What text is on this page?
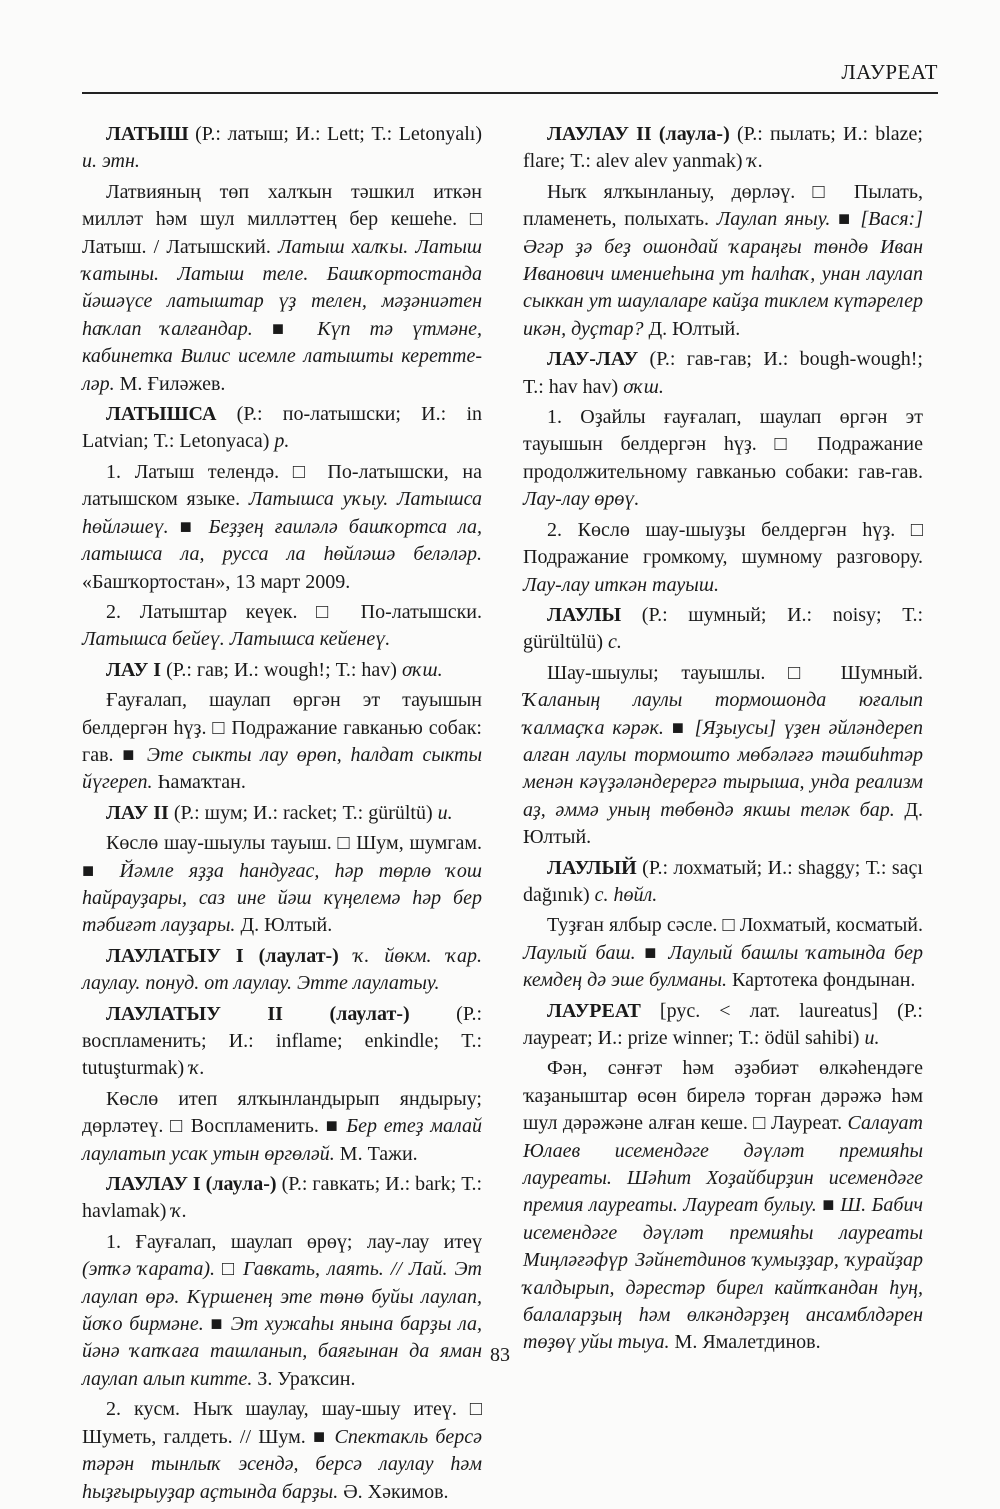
ЛАУРЕАТ

ЛАТЫШ (Р.: латыш; И.: Lett; Т.: Letonyalı) и. этн.

Латвияның төп халҡын тәшкил иткән милләт һәм шул милләттең бер кешеһе. □ Латыш. / Латышский. Латыш халҡы. Латыш ҡатыны. Латыш теле. Башҡортостанда йәшәүсе латыштар үҙ телен, мәҙәниәтен һаҡлап ҡалғандар. ■ Күп тә үтмәне, кабинетка Вилис исемле латышты кереттеләр. М. Ғиләжев.

ЛАТЫШСА (Р.: по-латышски; И.: in Latvian; Т.: Letonyaca) р.

1. Латыш телендә. □ По-латышски, на латышском языке. Латышса уҡыу. Латышса һөйләшеү. ■ Беҙҙең ғаиләлә башҡортса ла, латышса ла, русса ла һөйләшә беләләр. «Башҡортостан», 13 март 2009.

2. Латыштар кеүек. □ По-латышски. Латышса бейеү. Латышса кейенеү.

ЛАУ I (Р.: гав; И.: wough!; Т.: hav) оҡш.

Ғауғалап, шаулап өргән эт тауышын белдергән һүҙ. □ Подражание гавканью собак: гав. ■ Эте сыкты лау өрөп, һалдат сыкты йүгереп. Һамаҡтан.

ЛАУ II (Р.: шум; И.: racket; Т.: gürültü) и.

Көслө шау-шыулы тауыш. □ Шум, шумгам. ■ Йәмле яҙҙа һандуғас, һәр төрлө ҡош һайрауҙары, саз ине йәш күңелемә һәр бер тәбиғәт лауҙары. Д. Юлтый.

ЛАУЛАТЫУ I (лаулат-) ҡ. йөкм. ҡар. лаулау. понуд. от лаулау. Этте лаулатыу.

ЛАУЛАТЫУ II (лаулат-) (Р.: воспламенить; И.: inflame; enkindle; Т.: tutuşturmak) ҡ.

Көслө итеп ялҡынландырып яндырыу; дөрләтеү. □ Воспламенить. ■ Бер етеҙ малай лаулатып усак утын өргөләй. М. Тажи.

ЛАУЛАУ I (лаула-) (Р.: гавкать; И.: bark; Т.: havlamak) ҡ.

1. Ғауғалап, шаулап өрөү; лау-лау итеү (этҡә ҡарата). □ Гавкать, лаять. // Лай. Эт лаулап өрә. Күршенең эте төнө буйы лаулап, йоҡо бирмәне. ■ Эт хужаһы янына барҙы ла, йәнә ҡапҡаға ташланып, баяғынан да яман лаулап алып китте. З. Ураҡсин.

2. кусм. Ныҡ шаулау, шау-шыу итеү. □ Шуметь, галдеть. // Шум. ■ Спектакль берсә тәрән тынлыҡ эсендә, берсә лаулау һәм һыҙғырыуҙар аҫтында барҙы. Ә. Хәкимов.

ЛАУЛАУ II (лаула-) (Р.: пылать; И.: blaze; flare; Т.: alev alev yanmak) ҡ.

Ныҡ ялҡынланыу, дөрләү. □ Пылать, пламенеть, полыхать. Лаулап яныу. ■ [Вася:] Әгәр ҙә беҙ ошондай ҡараңғы төндө Иван Иванович имениеһына ут һалһаҡ, унан лаулап сыккан ут шаулаларе кайҙа тиклем күтәрелер икән, дуҫтар? Д. Юлтый.

ЛАУ-ЛАУ (Р.: гав-гав; И.: bough-wough!; Т.: hav hav) оҡш.

1. Оҙайлы ғауғалап, шаулап өргән эт тауышын белдергән һүҙ. □ Подражание продолжительному гавканью собаки: гав-гав. Лау-лау өрөү.

2. Көслө шау-шыуҙы белдергән һүҙ. □ Подражание громкому, шумному разговору. Лау-лау иткән тауыш.

ЛАУЛЫ (Р.: шумный; И.: noisy; Т.: gürültülü) с.

Шау-шыулы; тауышлы. □ Шумный. Ҡаланың лаулы тормошонда юғалып ҡалмаҫҡа кәрәк. ■ [Яҙыусы] үҙен әйләндереп алған лаулы тормошто мөбәләғә тәшбиһтәр менән кәүҙәләндерергә тырыша, унда реализм аҙ, әммә уның төбөндә якшы теләк бар. Д. Юлтый.

ЛАУЛЫЙ (Р.: лохматый; И.: shaggy; Т.: saçı dağınık) с. һөйл.

Туҙған ялбыр сәсле. □ Лохматый, косматый. Лаулый баш. ■ Лаулый башлы ҡатында бер кемдең дә эше булманы. Картотека фондынан.

ЛАУРЕАТ [рус. < лат. laureatus] (Р.: лауреат; И.: prize winner; Т.: ödül sahibi) и.

Фән, сәнғәт һәм әҙәбиәт өлкәһендәге ҡаҙаныштар өсөн бирелә торған дәрәжә һәм шул дәрәжәне алған кеше. □ Лауреат. Салауат Юлаев исемендәге дәүләт премияһы лауреаты. Шәһит Хоҙайбирҙин исемендәге премия лауреаты. Лауреат булыу. ■ Ш. Бабич исемендәге дәүләт премияһы лауреаты Миңләғәфүр Зәйнетдинов ҡумыҙҙар, ҡурайҙар ҡалдырып, дәрестәр бирел кайтҡандан һуң, балаларҙың һәм өлкәндәрҙең ансамблдәрен төҙөү уйы тыуа. М. Ямалетдинов.

83
